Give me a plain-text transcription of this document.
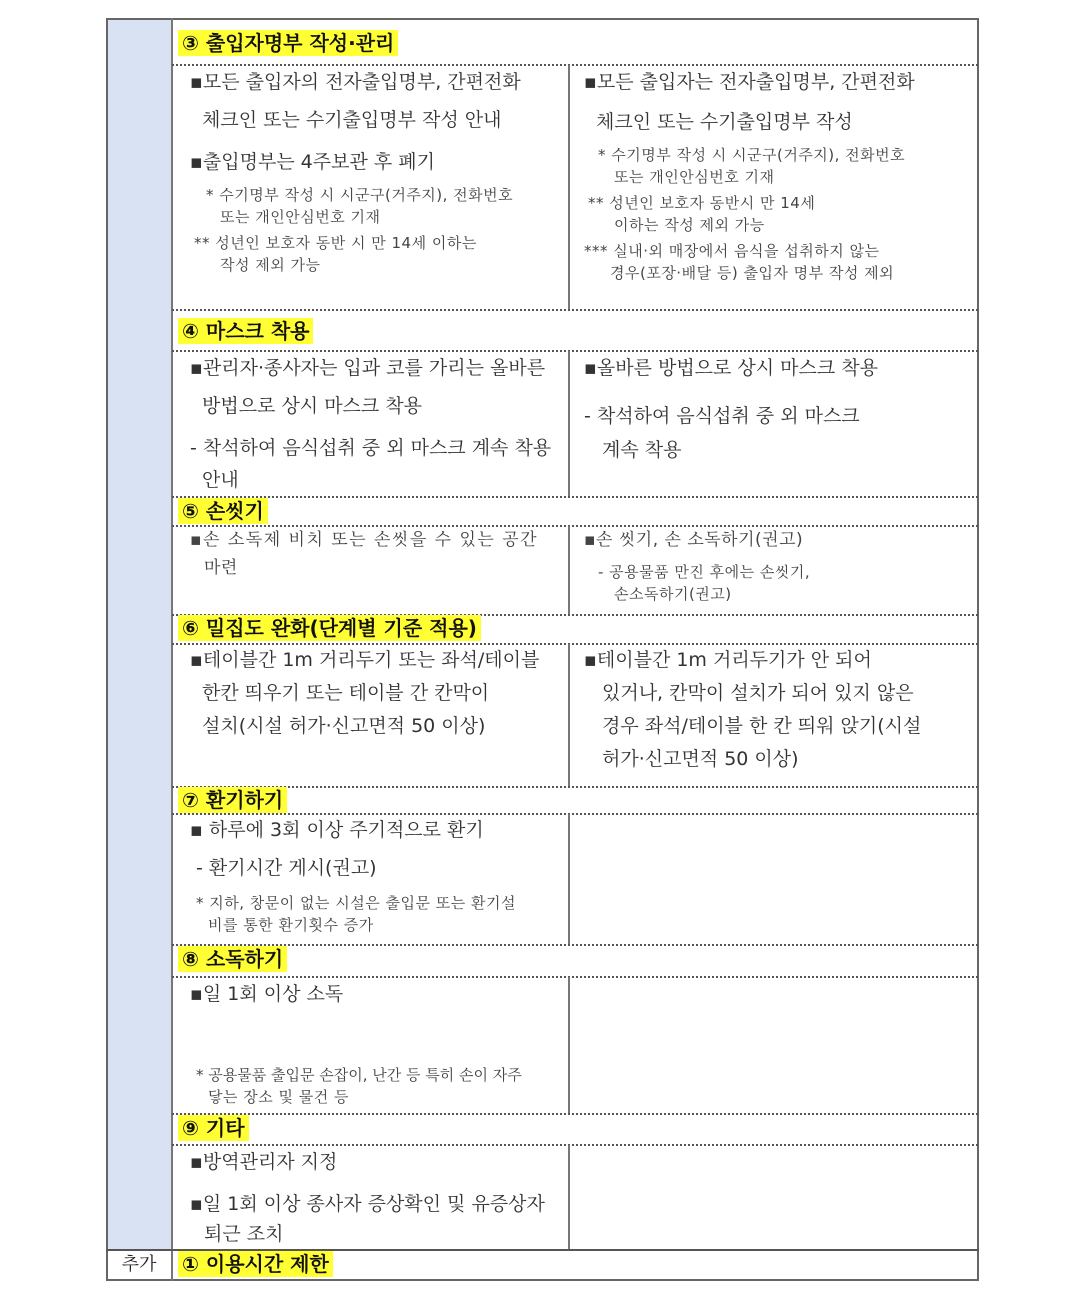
③ 출입자명부 작성·관리
▪모든 출입자의 전자출입명부, 간편전화
체크인 또는 수기출입명부 작성 안내
▪출입명부는 4주보관 후 폐기
* 수기명부 작성 시 시군구(거주지), 전화번호
또는 개인안심번호 기재
** 성년인 보호자 동반 시 만 14세 이하는
작성 제외 가능
▪모든 출입자는 전자출입명부, 간편전화
체크인 또는 수기출입명부 작성
* 수기명부 작성 시 시군구(거주지), 전화번호
또는 개인안심번호 기재
** 성년인 보호자 동반시 만 14세
이하는 작성 제외 가능
*** 실내·외 매장에서 음식을 섭취하지 않는
경우(포장·배달 등) 출입자 명부 작성 제외
④ 마스크 착용
▪관리자·종사자는 입과 코를 가리는 올바른
방법으로 상시 마스크 착용
- 착석하여 음식섭취 중 외 마스크 계속 착용
안내
▪올바른 방법으로 상시 마스크 착용
- 착석하여 음식섭취 중 외 마스크
계속 착용
⑤ 손씻기
▪손 소독제 비치 또는 손씻을 수 있는 공간
마련
▪손 씻기, 손 소독하기(권고)
- 공용물품 만진 후에는 손씻기,
손소독하기(권고)
⑥ 밀집도 완화(단계별 기준 적용)
▪테이블간 1m 거리두기 또는 좌석/테이블
한칸 띄우기 또는 테이블 간 칸막이
설치(시설 허가·신고면적 50 이상)
▪테이블간 1m 거리두기가 안 되어
있거나, 칸막이 설치가 되어 있지 않은
경우 좌석/테이블 한 칸 띄워 앉기(시설
허가·신고면적 50 이상)
⑦ 환기하기
▪ 하루에 3회 이상 주기적으로 환기
- 환기시간 게시(권고)
* 지하, 창문이 없는 시설은 출입문 또는 환기설
비를 통한 환기횟수 증가
⑧ 소독하기
▪일 1회 이상 소독
* 공용물품 출입문 손잡이, 난간 등 특히 손이 자주
닿는 장소 및 물건 등
⑨ 기타
▪방역관리자 지정
▪일 1회 이상 종사자 증상확인 및 유증상자
퇴근 조치
추가	① 이용시간 제한
